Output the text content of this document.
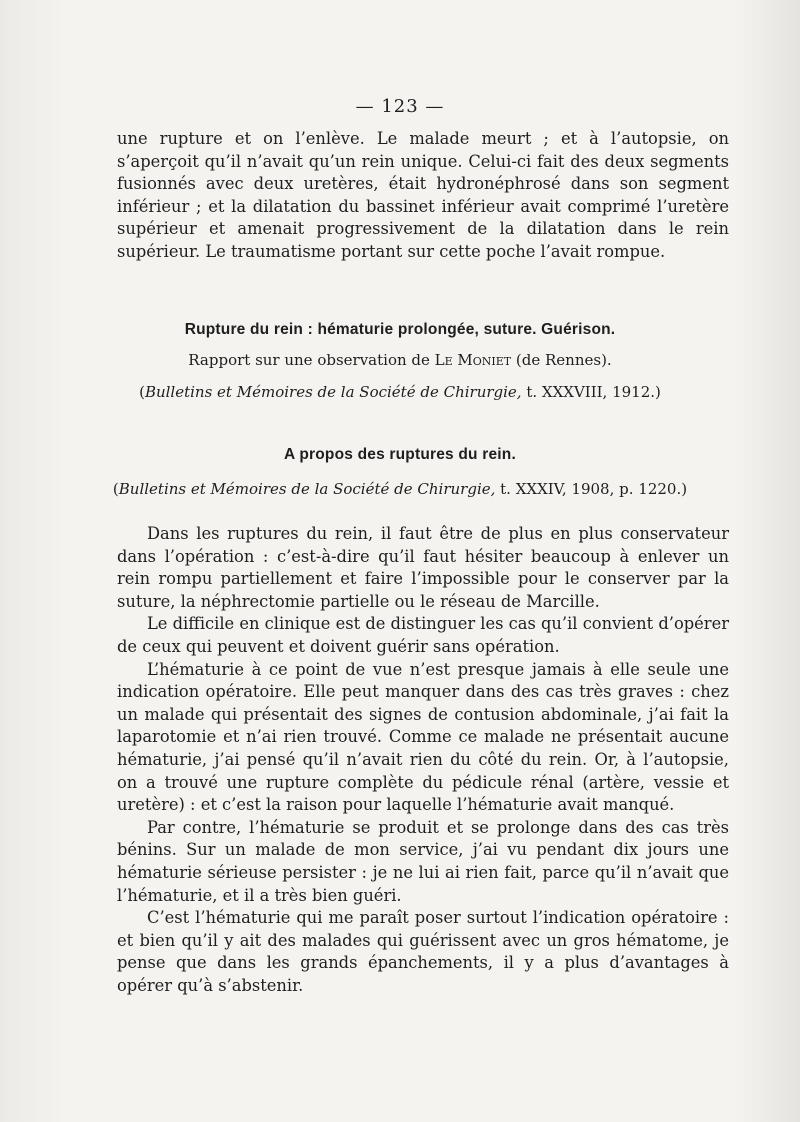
— 123 —

une rupture et on l’enlève. Le malade meurt ; et à l’autopsie, on s’aperçoit qu’il n’avait qu’un rein unique. Celui-ci fait des deux segments fusionnés avec deux uretères, était hydronéphrosé dans son segment inférieur ; et la dilatation du bassinet inférieur avait comprimé l’uretère supérieur et amenait progressivement de la dilatation dans le rein supérieur. Le traumatisme portant sur cette poche l’avait rompue.

Rupture du rein : hématurie prolongée, suture. Guérison.
Rapport sur une observation de Le Moniet (de Rennes).
(Bulletins et Mémoires de la Société de Chirurgie, t. XXXVIII, 1912.)
A propos des ruptures du rein.
(Bulletins et Mémoires de la Société de Chirurgie, t. XXXIV, 1908, p. 1220.)

Dans les ruptures du rein, il faut être de plus en plus conservateur dans l’opération : c’est-à-dire qu’il faut hésiter beaucoup à enlever un rein rompu partiellement et faire l’impossible pour le conserver par la suture, la néphrectomie partielle ou le réseau de Marcille.

Le difficile en clinique est de distinguer les cas qu’il convient d’opérer de ceux qui peuvent et doivent guérir sans opération.

L’hématurie à ce point de vue n’est presque jamais à elle seule une indication opératoire. Elle peut manquer dans des cas très graves : chez un malade qui présentait des signes de contusion abdominale, j’ai fait la laparotomie et n’ai rien trouvé. Comme ce malade ne présentait aucune hématurie, j’ai pensé qu’il n’avait rien du côté du rein. Or, à l’autopsie, on a trouvé une rupture complète du pédicule rénal (artère, vessie et uretère) : et c’est la raison pour laquelle l’hématurie avait manqué.

Par contre, l’hématurie se produit et se prolonge dans des cas très bénins. Sur un malade de mon service, j’ai vu pendant dix jours une hématurie sérieuse persister : je ne lui ai rien fait, parce qu’il n’avait que l’hématurie, et il a très bien guéri.

C’est l’hématurie qui me paraît poser surtout l’indication opératoire : et bien qu’il y ait des malades qui guérissent avec un gros hématome, je pense que dans les grands épanchements, il y a plus d’avantages à opérer qu’à s’abstenir.
